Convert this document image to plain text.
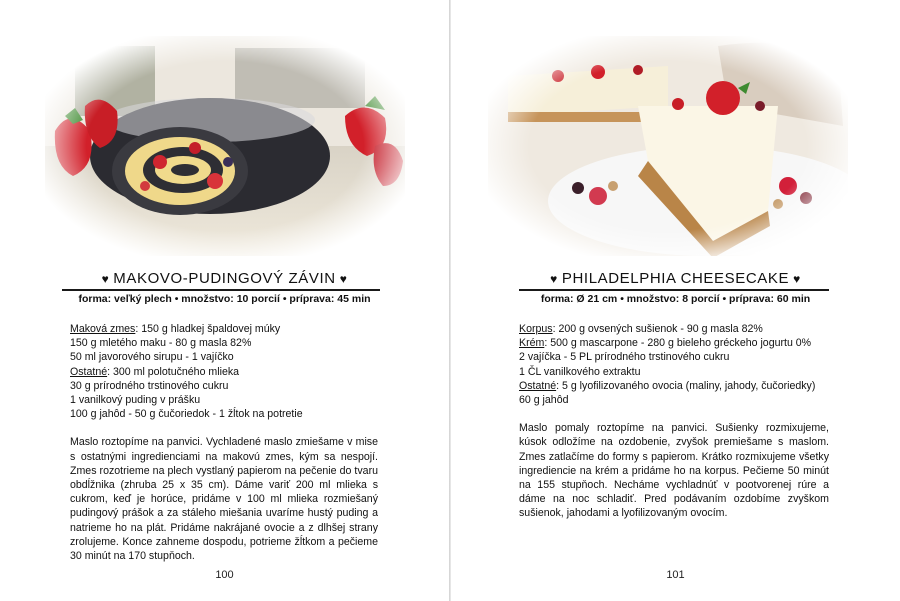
♥ MAKOVO-PUDINGOVÝ ZÁVIN ♥
forma: veľký plech • množstvo: 10 porcií • príprava: 45 min

Maková zmes: 150 g hladkej špaldovej múky

150 g mletého maku - 80 g masla 82%

50 ml javorového sirupu - 1 vajíčko

Ostatné: 300 ml polotučného mlieka

30 g prírodného trstinového cukru

1 vanilkový puding v prášku

100 g jahôd - 50 g čučoriedok - 1 žĺtok na potretie

Maslo roztopíme na panvici. Vychladené maslo zmiešame v mise s ostatnými ingredienciami na makovú zmes, kým sa nespojí. Zmes rozotrieme na plech vystlaný papierom na pečenie do tvaru obdĺžnika (zhruba 25 x 35 cm). Dáme variť 200 ml mlieka s cukrom, keď je horúce, pridáme v 100 ml mlieka rozmiešaný pudingový prášok a za stáleho miešania uvaríme hustý puding a natrieme ho na plát. Pridáme nakrájané ovocie a z dlhšej strany zrolujeme. Konce zahneme dospodu, potrieme žĺtkom a pečieme 30 minút na 170 stupňoch.

100
♥ PHILADELPHIA CHEESECAKE ♥
forma: Ø 21 cm • množstvo: 8 porcií • príprava: 60 min

Korpus: 200 g ovsených sušienok - 90 g masla 82%

Krém: 500 g mascarpone - 280 g bieleho gréckeho jogurtu 0%

2 vajíčka - 5 PL prírodného trstinového cukru

1 ČL vanilkového extraktu

Ostatné: 5 g lyofilizovaného ovocia (maliny, jahody, čučoriedky)

60 g jahôd

Maslo pomaly roztopíme na panvici. Sušienky rozmixujeme, kúsok odložíme na ozdobenie, zvyšok premiešame s maslom. Zmes zatlačíme do formy s papierom. Krátko rozmixujeme všetky ingrediencie na krém a pridáme ho na korpus. Pečieme 50 minút na 155 stupňoch. Necháme vychladnúť v pootvorenej rúre a dáme na noc schladiť. Pred podávaním ozdobíme zvyškom sušienok, jahodami a lyofilizovaným ovocím.

101
